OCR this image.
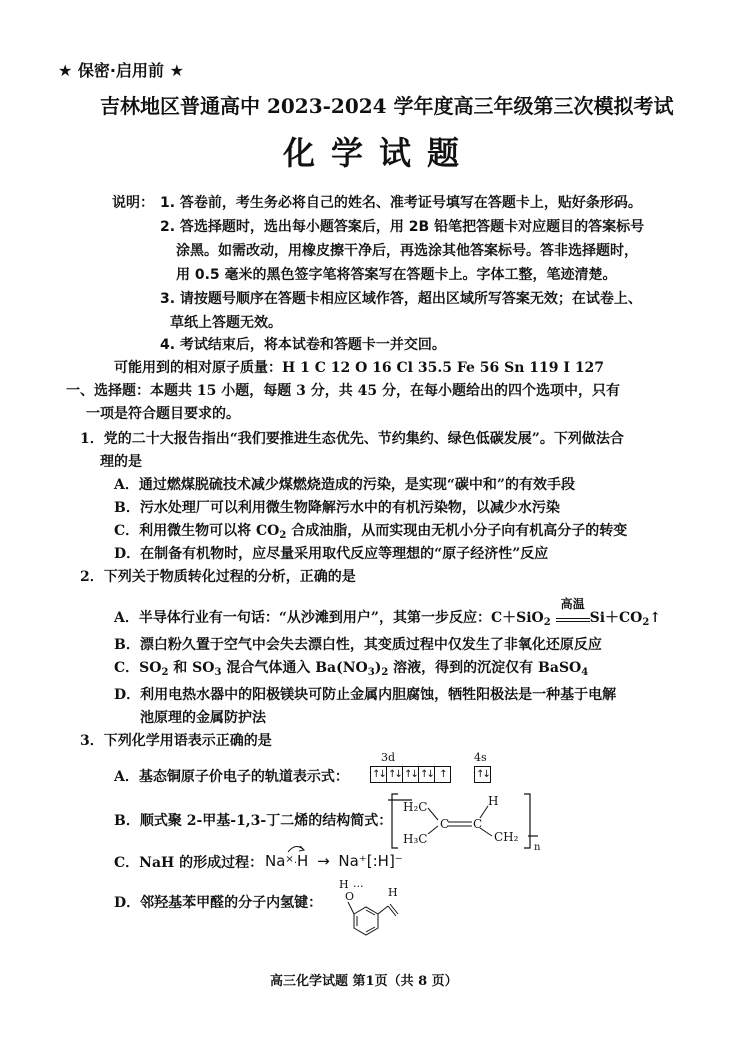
★ 保密·启用前 ★
吉林地区普通高中 2023-2024 学年度高三年级第三次模拟考试
化学试题
说明： 1. 答卷前，考生务必将自己的姓名、准考证号填写在答题卡上，贴好条形码。
2. 答选择题时，选出每小题答案后，用 2B 铅笔把答题卡对应题目的答案标号
涂黑。如需改动，用橡皮擦干净后，再选涂其他答案标号。答非选择题时，
用 0.5 毫米的黑色签字笔将答案写在答题卡上。字体工整，笔迹清楚。
3. 请按题号顺序在答题卡相应区域作答，超出区域所写答案无效；在试卷上、
草纸上答题无效。
4. 考试结束后，将本试卷和答题卡一并交回。
可能用到的相对原子质量：H 1 C 12 O 16 Cl 35.5 Fe 56 Sn 119 I 127
一、选择题：本题共 15 小题，每题 3 分，共 45 分，在每小题给出的四个选项中，只有
一项是符合题目要求的。
1．党的二十大报告指出“我们要推进生态优先、节约集约、绿色低碳发展”。下列做法合
理的是
A．通过燃煤脱硫技术减少煤燃烧造成的污染，是实现“碳中和”的有效手段
B．污水处理厂可以利用微生物降解污水中的有机污染物，以减少水污染
C．利用微生物可以将 $CO_2$ 合成油脂，从而实现由无机小分子向有机高分子的转变
D．在制备有机物时，应尽量采用取代反应等理想的“原子经济性”反应
2．下列关于物质转化过程的分析，正确的是
A．半导体行业有一句话：“从沙滩到用户”，其第一步反应：C＋SiO$_2$
高温
$Si+CO_2↑$
B．漂白粉久置于空气中会失去漂白性，其变质过程中仅发生了非氧化还原反应
C．$SO_2$ 和 $SO_3$ 混合气体通入 $Ba(NO_3)_2$ 溶液，得到的沉淀仅有 BaSO$_4$
D．利用电热水器中的阳极镁块可防止金属内胆腐蚀，牺牲阳极法是一种基于电解
池原理的金属防护法
3．下列化学用语表示正确的是
A．基态铜原子价电子的轨道表示式：
3d	4s
↑↓ ↑↓ ↑↓ ↑↓ ↑	↑↓
B．顺式聚 2-甲基-1,3-丁二烯的结构简式：
H₂C
H₃C
C C
H
CH₂
n
C．NaH 的形成过程： Na×·H → Na⁺[:H]⁻
D．邻羟基苯甲醛的分子内氢键： O
H ··· H
高三化学试题 第1页（共 8 页）
